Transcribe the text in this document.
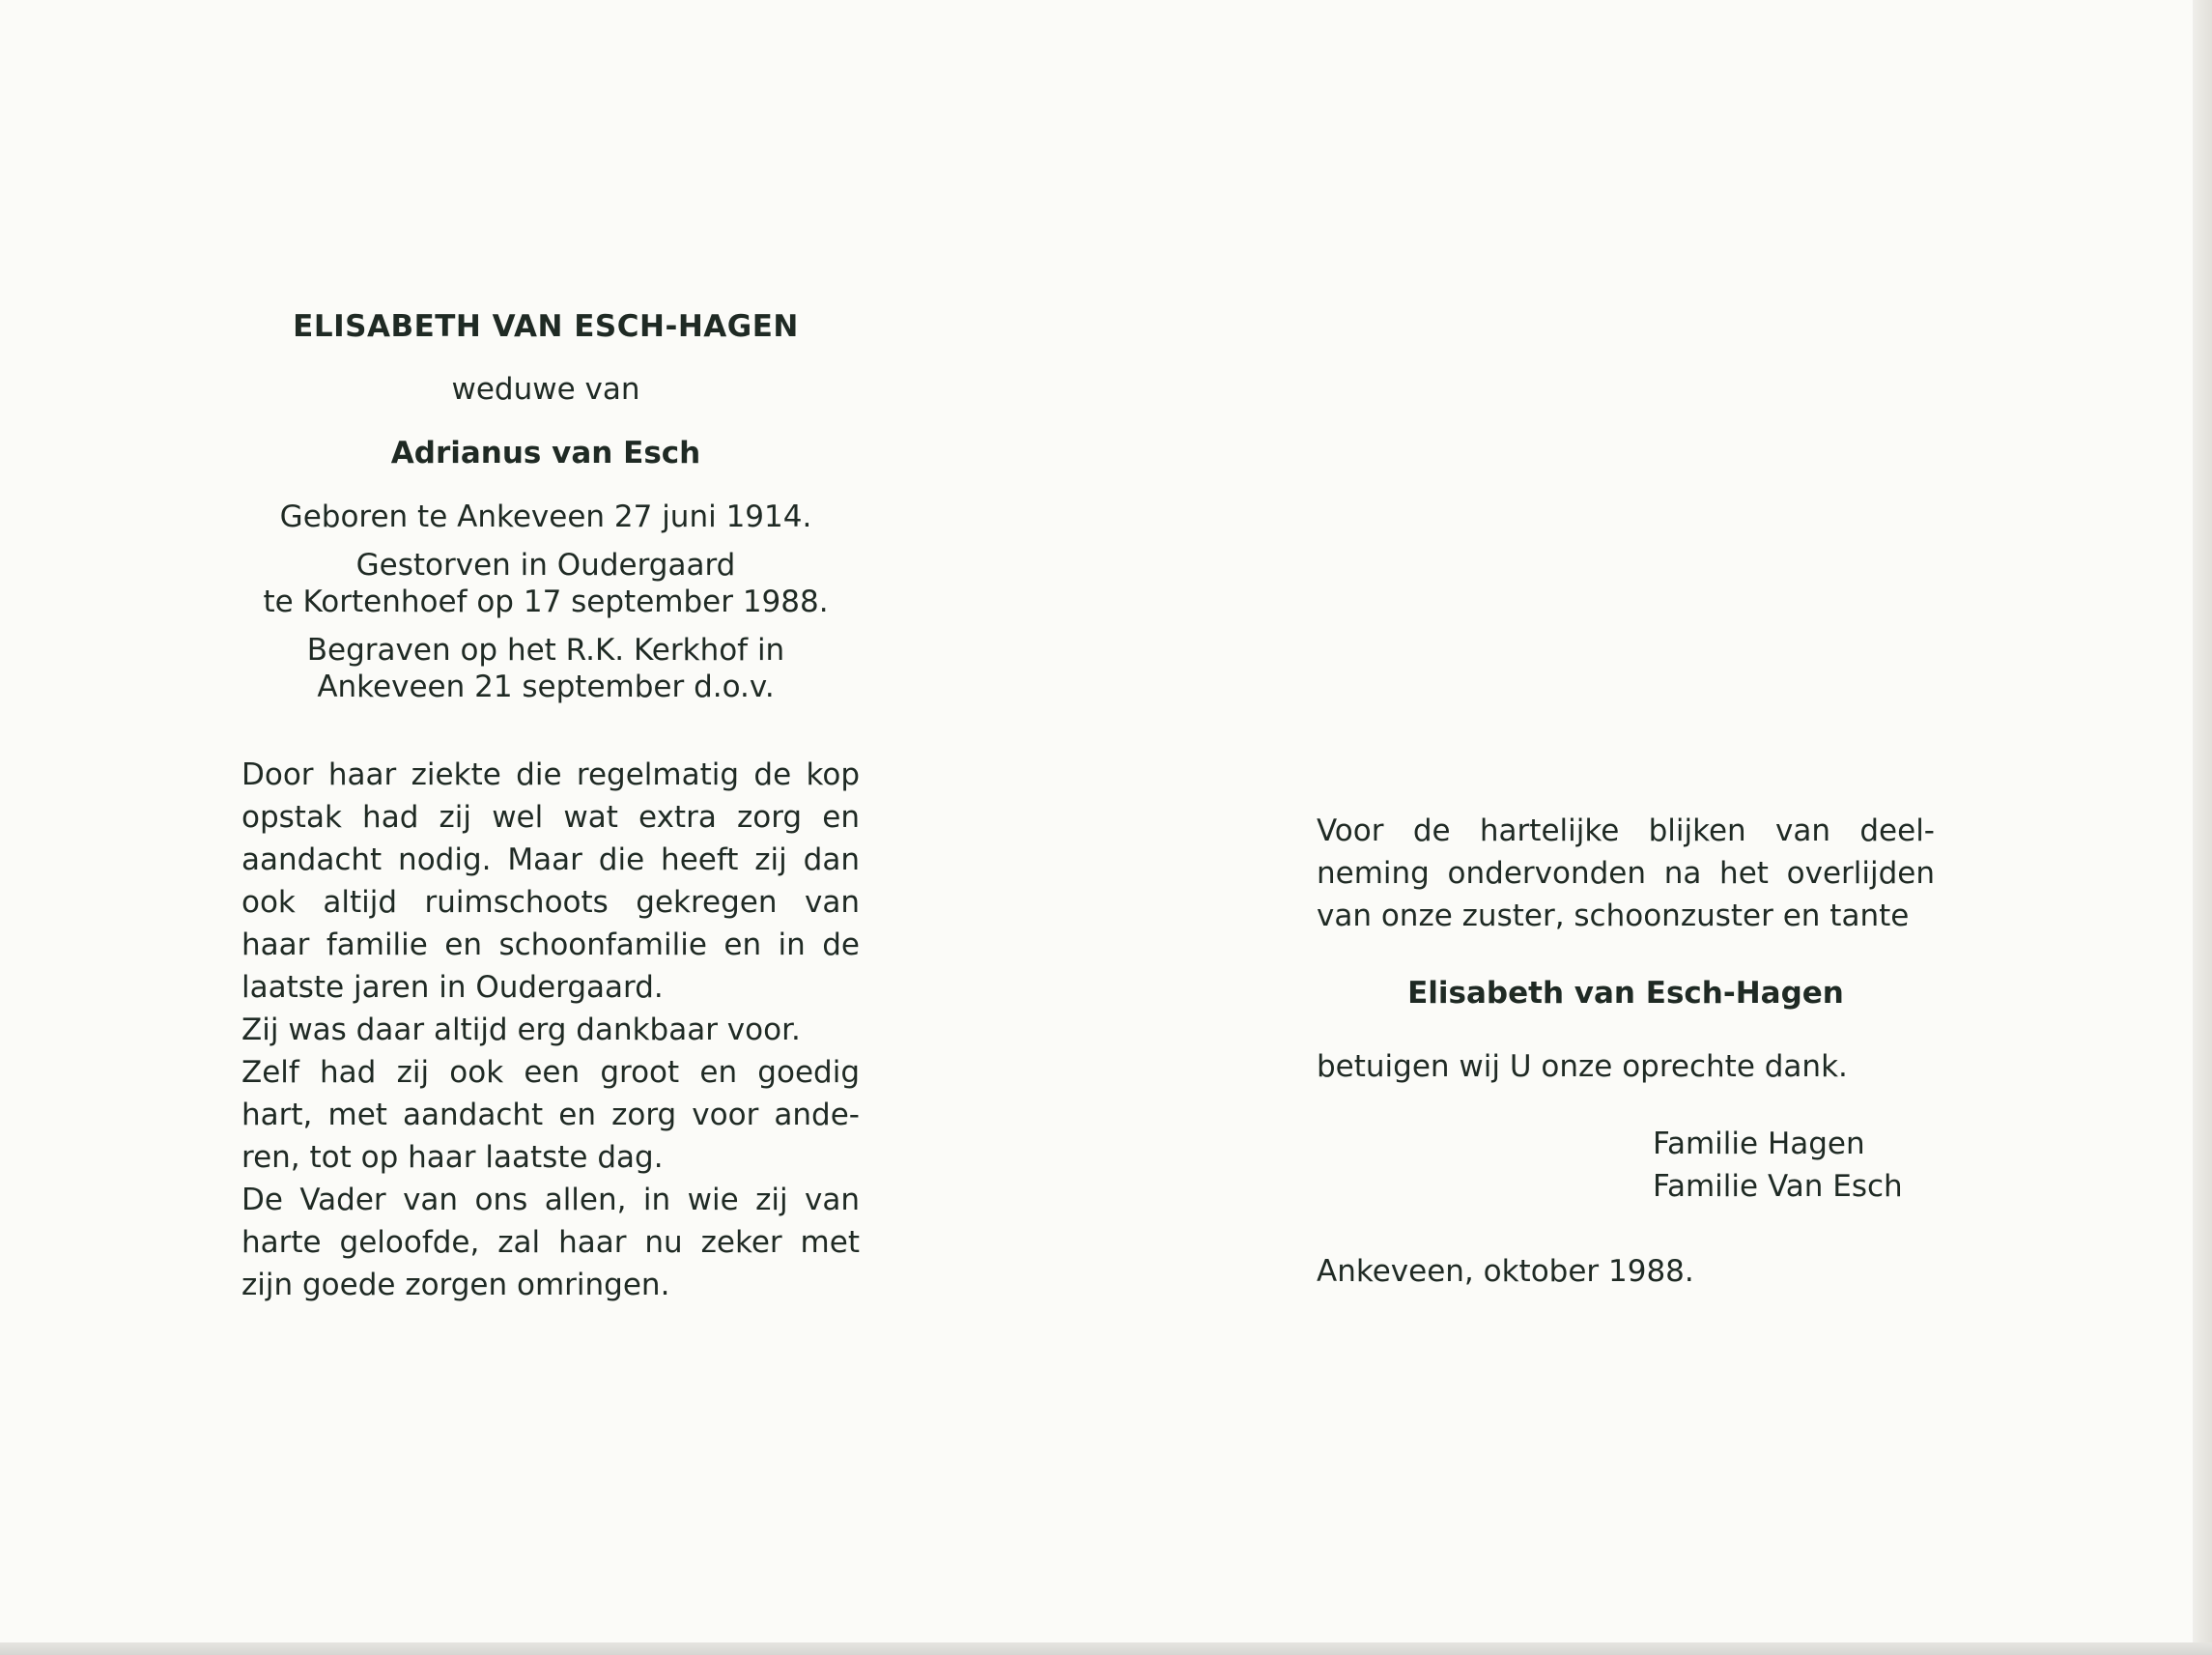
ELISABETH VAN ESCH-HAGEN

weduwe van

Adrianus van Esch

Geboren te Ankeveen 27 juni 1914.

Gestorven in Oudergaard

te Kortenhoef op 17 september 1988.

Begraven op het R.K. Kerkhof in

Ankeveen 21 september d.o.v.

Door haar ziekte die regelmatig de kop

opstak had zij wel wat extra zorg en

aandacht nodig. Maar die heeft zij dan

ook altijd ruimschoots gekregen van

haar familie en schoonfamilie en in de

laatste jaren in Oudergaard.

Zij was daar altijd erg dankbaar voor.

Zelf had zij ook een groot en goedig

hart, met aandacht en zorg voor ande-

ren, tot op haar laatste dag.

De Vader van ons allen, in wie zij van

harte geloofde, zal haar nu zeker met

zijn goede zorgen omringen.

Voor de hartelijke blijken van deel-

neming ondervonden na het overlijden

van onze zuster, schoonzuster en tante

Elisabeth van Esch-Hagen

betuigen wij U onze oprechte dank.

Familie Hagen
Familie Van Esch
Ankeveen, oktober 1988.
